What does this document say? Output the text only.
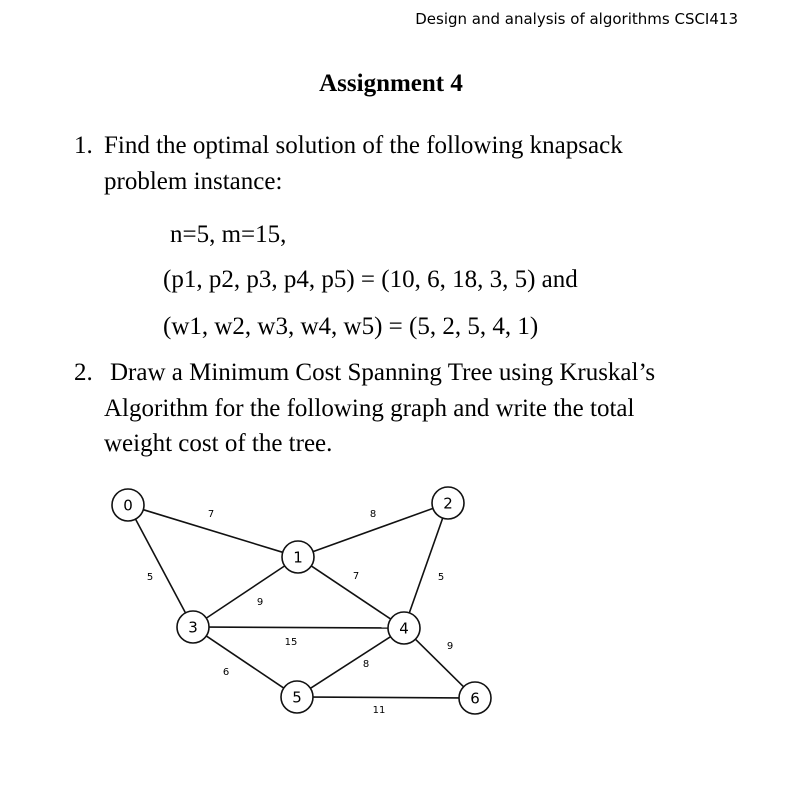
Design and analysis of algorithms CSCI413
Assignment 4
1. Find the optimal solution of the following knapsack
problem instance:
n=5, m=15,
(p1, p2, p3, p4, p5) = (10, 6, 18, 3, 5) and
(w1, w2, w3, w4, w5) = (5, 2, 5, 4, 1)
2. Draw a Minimum Cost Spanning Tree using Kruskal’s
Algorithm for the following graph and write the total
weight cost of the tree.
7
5
8
9
7	5
15
6
8
9
11
0
1
2
3	4
5	6
